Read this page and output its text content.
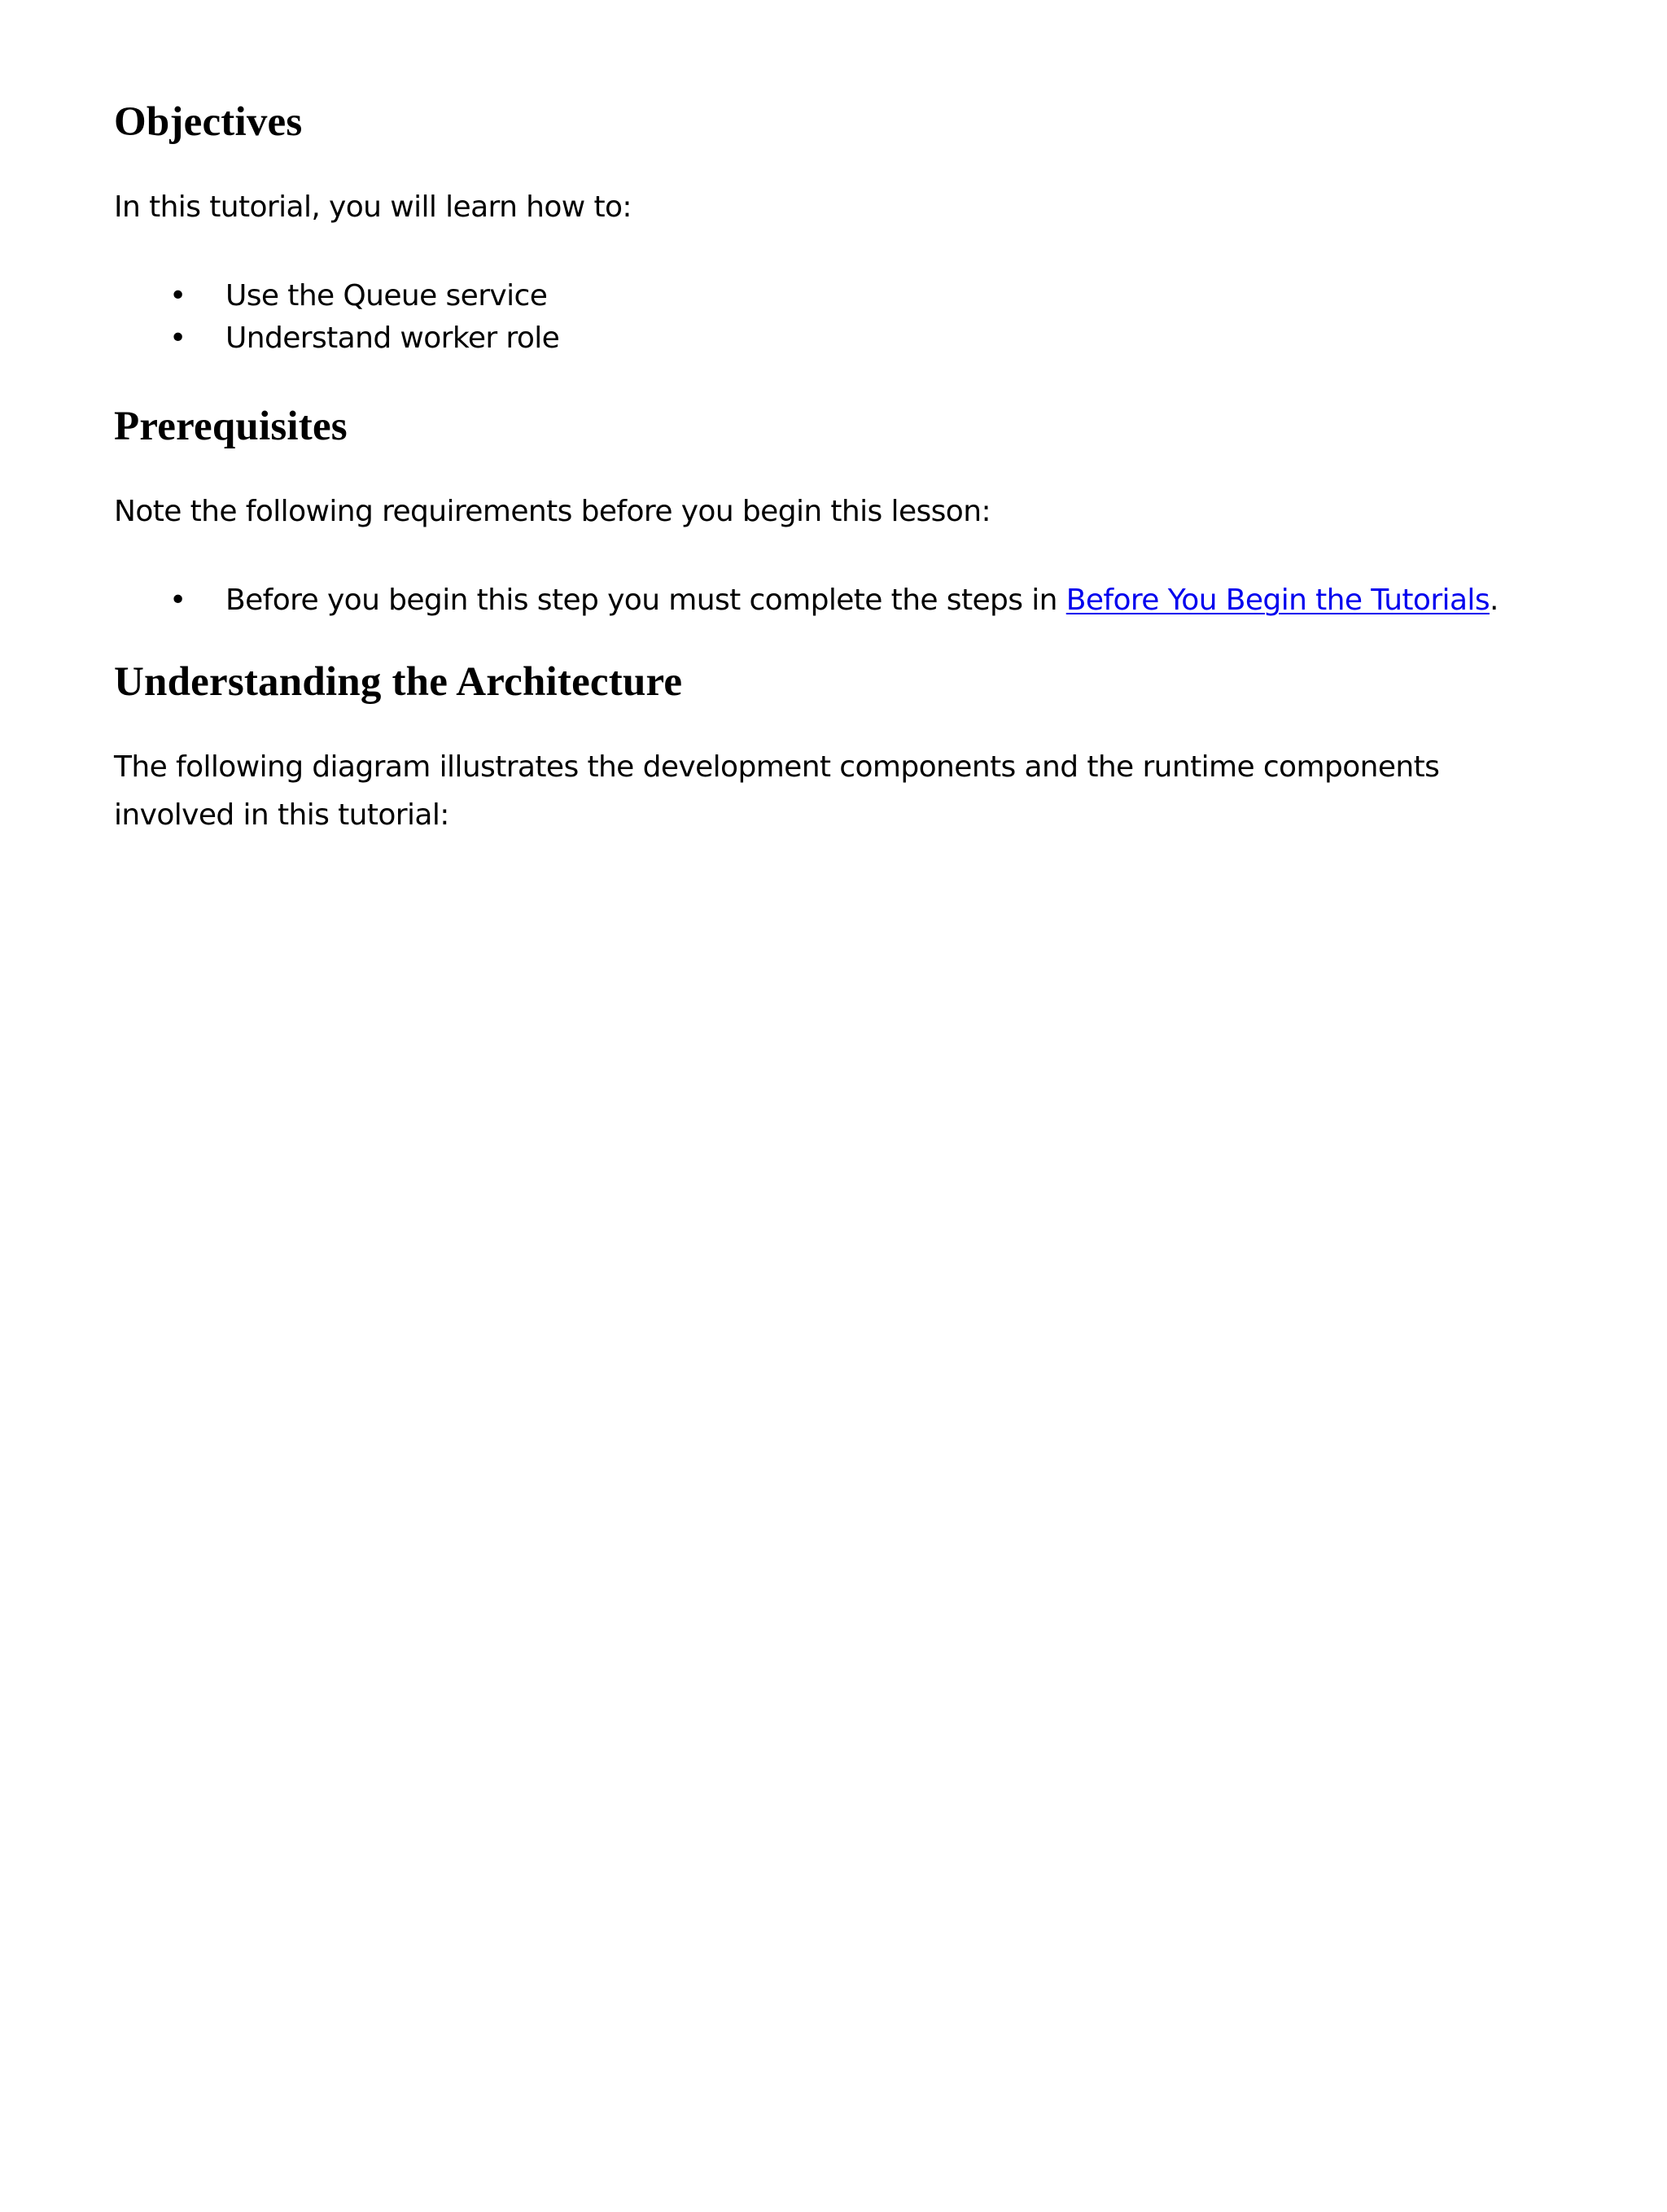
Objectives

In this tutorial, you will learn how to:

• Use the Queue service
• Understand worker role
Prerequisites

Note the following requirements before you begin this lesson:

• Before you begin this step you must complete the steps in Before You Begin the Tutorials.
Understanding the Architecture

The following diagram illustrates the development components and the runtime components involved in this tutorial:
